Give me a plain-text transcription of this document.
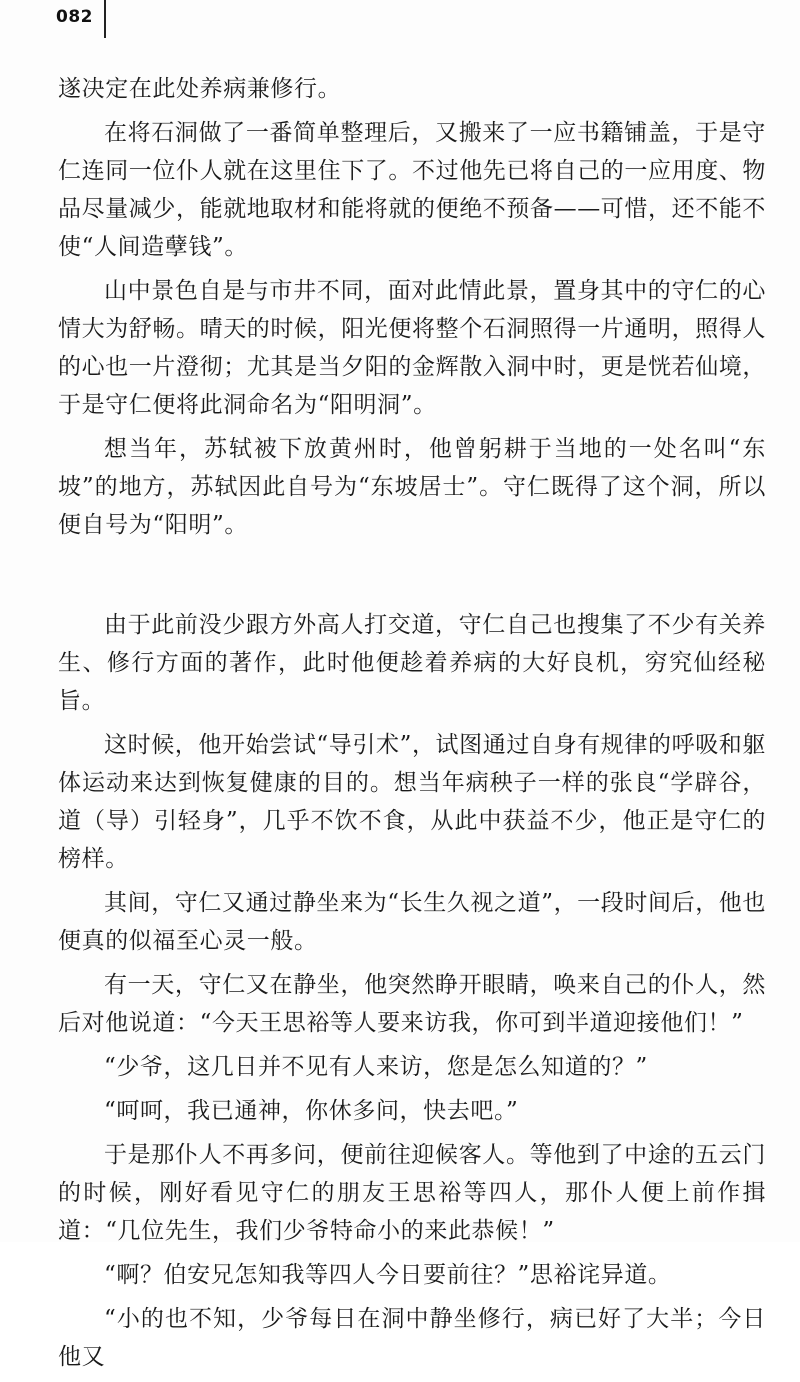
082

遂决定在此处养病兼修行。

在将石洞做了一番简单整理后，又搬来了一应书籍铺盖，于是守仁连同一位仆人就在这里住下了。不过他先已将自己的一应用度、物品尽量减少，能就地取材和能将就的便绝不预备——可惜，还不能不使“人间造孽钱”。

山中景色自是与市井不同，面对此情此景，置身其中的守仁的心情大为舒畅。晴天的时候，阳光便将整个石洞照得一片通明，照得人的心也一片澄彻；尤其是当夕阳的金辉散入洞中时，更是恍若仙境，于是守仁便将此洞命名为“阳明洞”。

想当年，苏轼被下放黄州时，他曾躬耕于当地的一处名叫“东坡”的地方，苏轼因此自号为“东坡居士”。守仁既得了这个洞，所以便自号为“阳明”。

由于此前没少跟方外高人打交道，守仁自己也搜集了不少有关养生、修行方面的著作，此时他便趁着养病的大好良机，穷究仙经秘旨。

这时候，他开始尝试“导引术”，试图通过自身有规律的呼吸和躯体运动来达到恢复健康的目的。想当年病秧子一样的张良“学辟谷，道（导）引轻身”，几乎不饮不食，从此中获益不少，他正是守仁的榜样。

其间，守仁又通过静坐来为“长生久视之道”，一段时间后，他也便真的似福至心灵一般。

有一天，守仁又在静坐，他突然睁开眼睛，唤来自己的仆人，然后对他说道：“今天王思裕等人要来访我，你可到半道迎接他们！”

“少爷，这几日并不见有人来访，您是怎么知道的？”

“呵呵，我已通神，你休多问，快去吧。”

于是那仆人不再多问，便前往迎候客人。等他到了中途的五云门的时候，刚好看见守仁的朋友王思裕等四人，那仆人便上前作揖道：“几位先生，我们少爷特命小的来此恭候！”

“啊？伯安兄怎知我等四人今日要前往？”思裕诧异道。

“小的也不知，少爷每日在洞中静坐修行，病已好了大半；今日他又
